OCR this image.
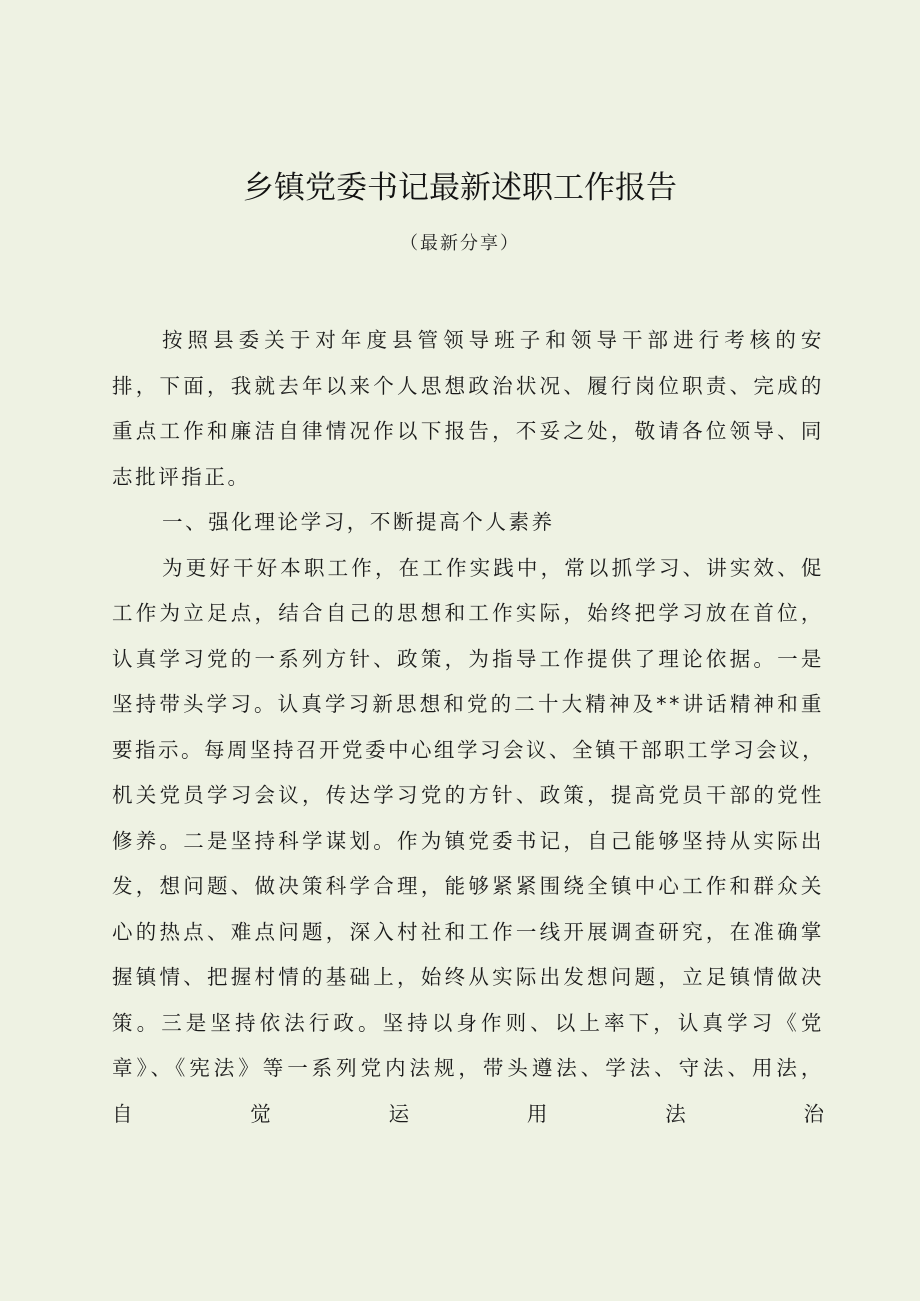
乡镇党委书记最新述职工作报告
（最新分享）
按照县委关于对年度县管领导班子和领导干部进行考核的安
排，下面，我就去年以来个人思想政治状况、履行岗位职责、完成的
重点工作和廉洁自律情况作以下报告，不妥之处，敬请各位领导、同
志批评指正。
一、强化理论学习，不断提高个人素养
为更好干好本职工作，在工作实践中，常以抓学习、讲实效、促
工作为立足点，结合自己的思想和工作实际，始终把学习放在首位，
认真学习党的一系列方针、政策，为指导工作提供了理论依据。一是
坚持带头学习。认真学习新思想和党的二十大精神及**讲话精神和重
要指示。每周坚持召开党委中心组学习会议、全镇干部职工学习会议，
机关党员学习会议，传达学习党的方针、政策，提高党员干部的党性
修养。二是坚持科学谋划。作为镇党委书记，自己能够坚持从实际出
发，想问题、做决策科学合理，能够紧紧围绕全镇中心工作和群众关
心的热点、难点问题，深入村社和工作一线开展调查研究，在准确掌
握镇情、把握村情的基础上，始终从实际出发想问题，立足镇情做决
策。三是坚持依法行政。坚持以身作则、以上率下，认真学习《党
章》、《宪法》等一系列党内法规，带头遵法、学法、守法、用法，
自 觉 运 用 法 治
